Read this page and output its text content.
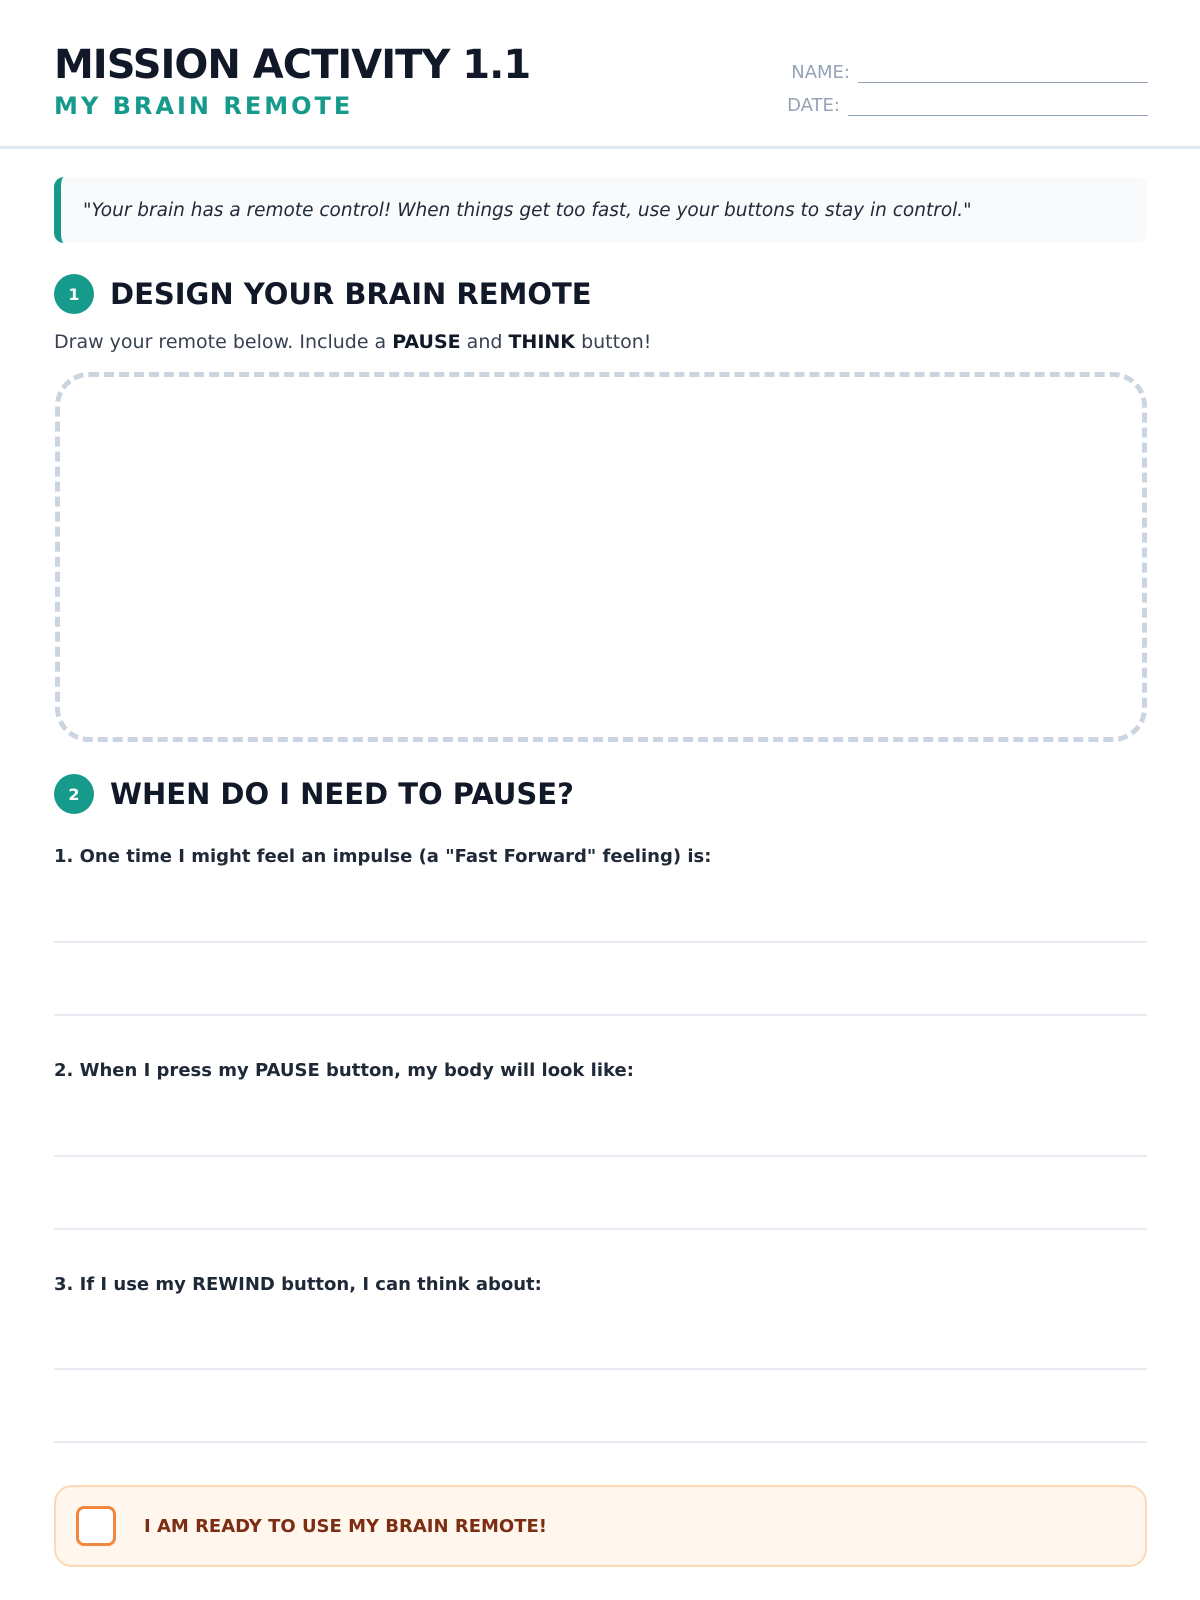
MISSION ACTIVITY 1.1
MY BRAIN REMOTE
NAME:
DATE:
"Your brain has a remote control! When things get too fast, use your buttons to stay in control."
1	DESIGN YOUR BRAIN REMOTE
Draw your remote below. Include a PAUSE and THINK button!
2	WHEN DO I NEED TO PAUSE?
1. One time I might feel an impulse (a "Fast Forward" feeling) is:
2. When I press my PAUSE button, my body will look like:
3. If I use my REWIND button, I can think about:
I AM READY TO USE MY BRAIN REMOTE!
